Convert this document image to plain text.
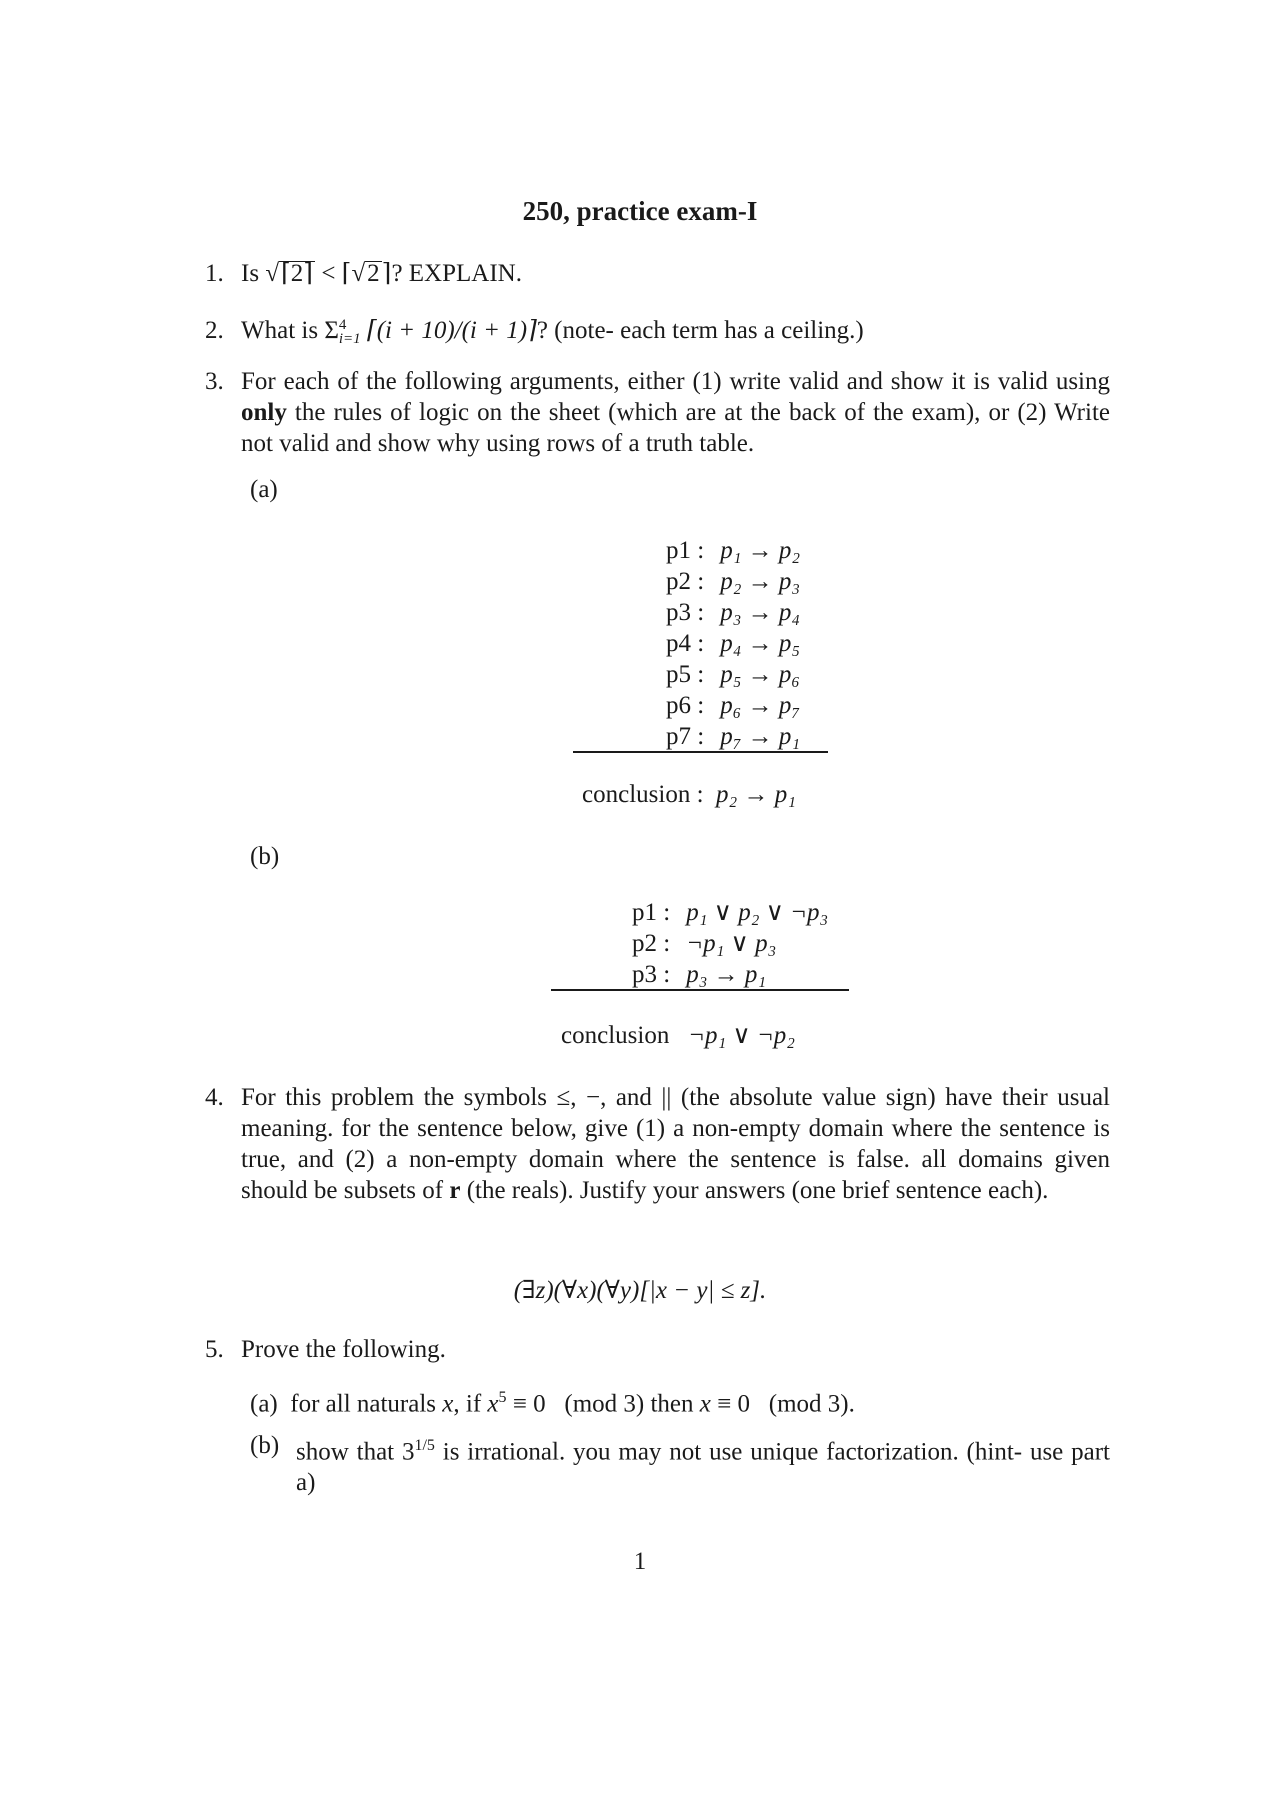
250, practice exam-I
1. Is √⌈2⌉ < ⌈√2⌉? EXPLAIN.
2. What is Σ 4
i=1 ⌈(i + 10)/(i + 1)⌉? (note- each term has a ceiling.)
3. For each of the following arguments, either (1) write valid and show it is valid using only the rules of logic on the sheet (which are at the back of the exam), or (2) Write not valid and show why using rows of a truth table.
(a)
p1 :	p₁ → p₂
p2 :	p₂ → p₃
p3 :	p₃ → p₄
p4 :	p₄ → p₅
p5 :	p₅ → p₆
p6 :	p₆ → p₇
p7 :	p₇ → p₁
conclusion : p₂ → p₁
(b)
p1 :	p₁ ∨ p₂ ∨ ¬p₃
p2 :	¬p₁ ∨ p₃
p3 :	p₃ → p₁
conclusion ¬p₁ ∨ ¬p₂
4. For this problem the symbols ≤, −, and || (the absolute value sign) have their usual meaning. for the sentence below, give (1) a non-empty domain where the sentence is true, and (2) a non-empty domain where the sentence is false. all domains given should be subsets of r (the reals). Justify your answers (one brief sentence each).
(∃z)(∀x)(∀y)[|x − y| ≤ z].
5. Prove the following.
(a) for all naturals x, if $x^5 \equiv 0$   (mod 3) then x ≡ 0   (mod 3).
(b) show that $3^{1/5}$ is irrational. you may not use unique factorization. (hint- use part a)
1
